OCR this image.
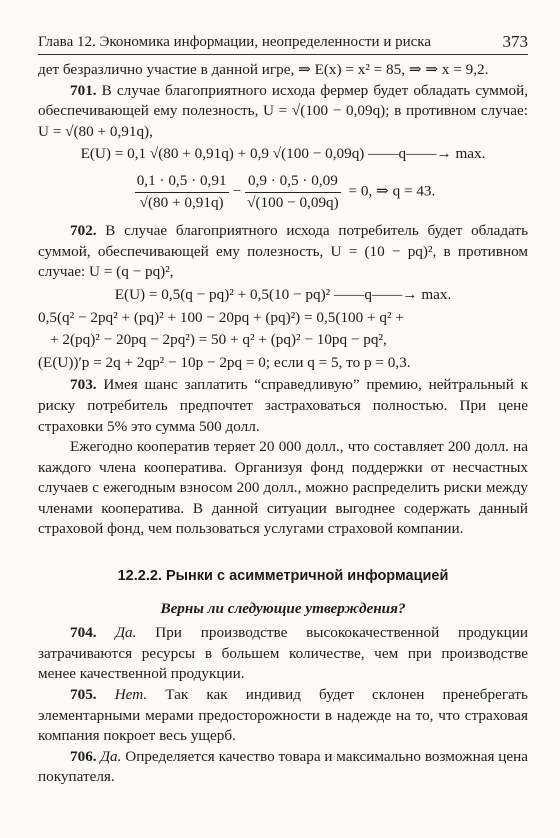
Глава 12. Экономика информации, неопределенности и риска	373

дет безразлично участие в данной игре, ⇒ E(x) = x² = 85, ⇒ ⇒ x = 9,2.

701. В случае благоприятного исхода фермер будет обладать суммой, обеспечивающей ему полезность, U = √(100 − 0,09q); в противном случае: U = √(80 + 0,91q),

E(U) = 0,1 √(80 + 0,91q) + 0,9 √(100 − 0,09q) ——q——→ max.

$\frac{0,1 \cdot 0,5 \cdot 0,91}{√(80 + 0,91q)} - \frac{0,9 \cdot 0,5 \cdot 0,09}{√(100 - 0,09q)} = 0$, ⇒ q = 43.

702. В случае благоприятного исхода потребитель будет обладать суммой, обеспечивающей ему полезность, U = (10 − pq)², в противном случае: U = (q − pq)²,

E(U) = 0,5(q − pq)² + 0,5(10 − pq)² ——q——→ max.

0,5(q² − 2pq² + (pq)² + 100 − 20pq + (pq)²) = 0,5(100 + q² +

+ 2(pq)² − 20pq − 2pq²) = 50 + q² + (pq)² − 10pq − pq²,

(E(U))′p = 2q + 2qp² − 10p − 2pq = 0; если q = 5, то p = 0,3.

703. Имея шанс заплатить “справедливую” премию, нейтральный к риску потребитель предпочтет застраховаться полностью. При цене страховки 5% это сумма 500 долл.

Ежегодно кооператив теряет 20 000 долл., что составляет 200 долл. на каждого члена кооператива. Организуя фонд поддержки от несчастных случаев с ежегодным взносом 200 долл., можно распределить риски между членами кооператива. В данной ситуации выгоднее содержать данный страховой фонд, чем пользоваться услугами страховой компании.

12.2.2. Рынки с асимметричной информацией
Верны ли следующие утверждения?

704. Да. При производстве высококачественной продукции затрачиваются ресурсы в большем количестве, чем при производстве менее качественной продукции.

705. Нет. Так как индивид будет склонен пренебрегать элементарными мерами предосторожности в надежде на то, что страховая компания покроет весь ущерб.

706. Да. Определяется качество товара и максимально возможная цена покупателя.
